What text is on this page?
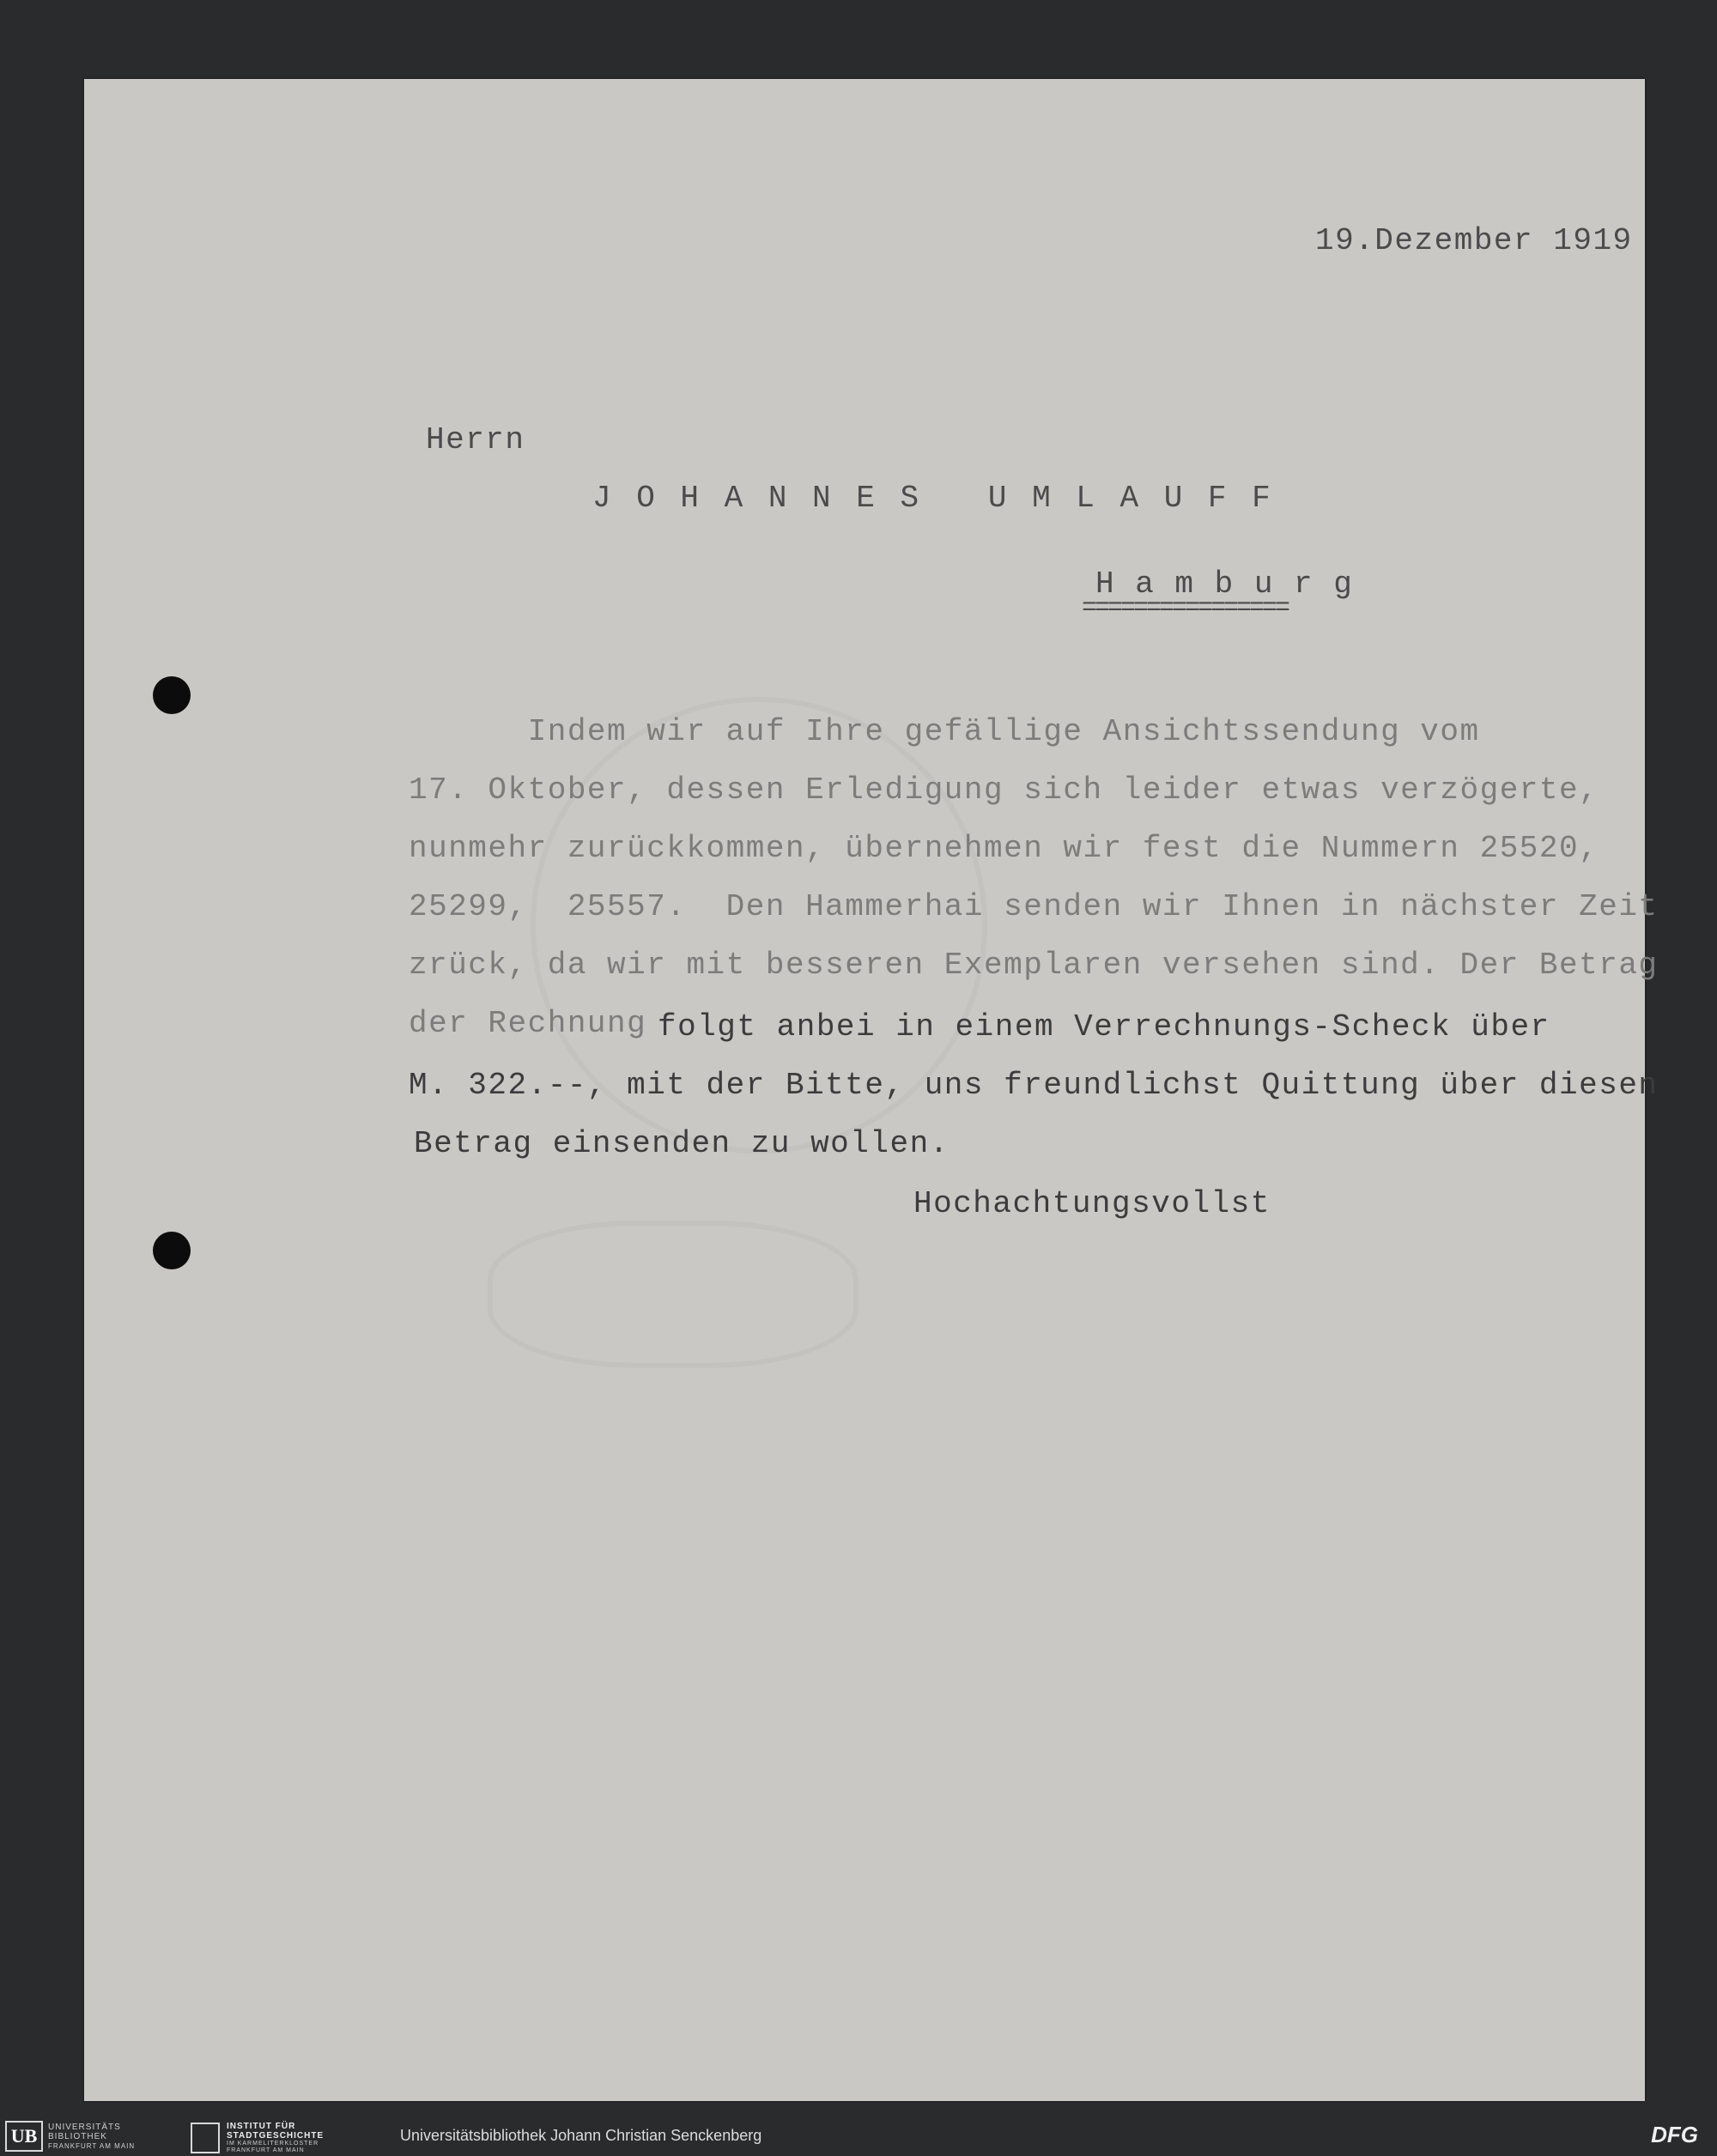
19.Dezember 1919
Herrn
J O H A N N E S   U M L A U F F
H a m b u r g
================
Indem wir auf Ihre gefällige Ansichtssendung vom
17. Oktober, dessen Erledigung sich leider etwas verzögerte,
nunmehr zurückkommen, übernehmen wir fest die Nummern 25520,
25299,  25557.  Den Hammerhai senden wir Ihnen in nächster Zeit
zrück, da wir mit besseren Exemplaren versehen sind. Der Betrag
der Rechnung folgt anbei in einem Verrechnungs-Scheck über
M. 322.--, mit der Bitte, uns freundlichst Quittung über diesen
Betrag einsenden zu wollen.
Hochachtungsvollst
UB	UNIVERSITÄTS
BIBLIOTHEK
FRANKFURT AM MAIN
INSTITUT FÜR
STADTGESCHICHTE
IM KARMELITERKLOSTER
FRANKFURT AM MAIN
Universitätsbibliothek Johann Christian Senckenberg	DFG
